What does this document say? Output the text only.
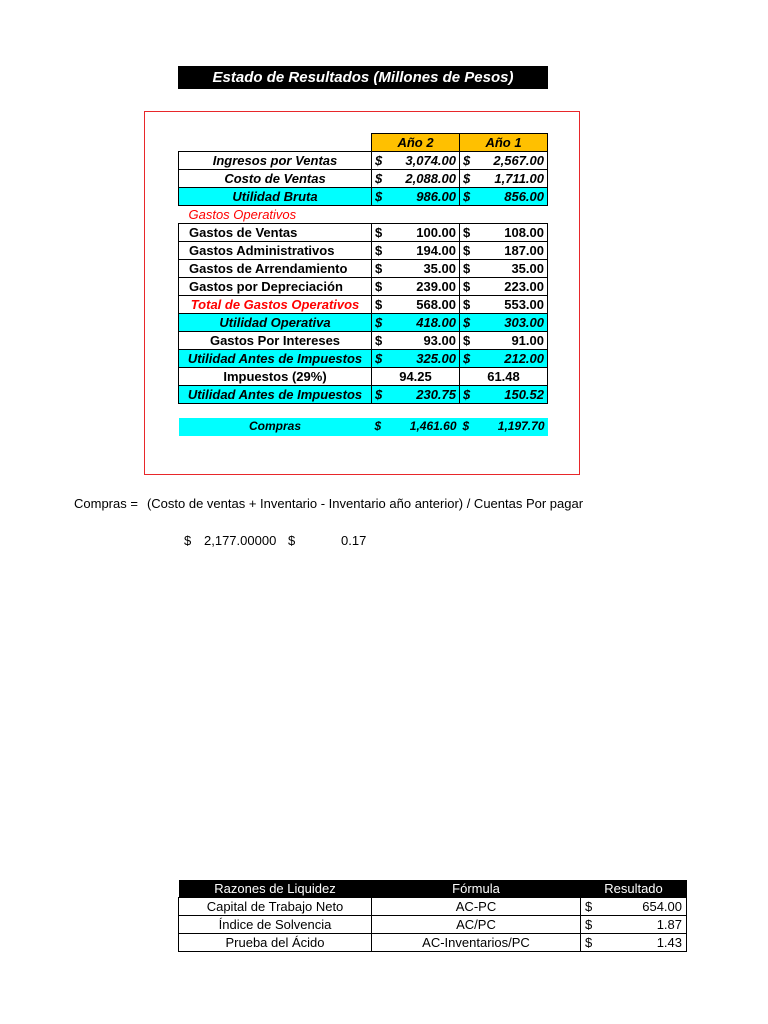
Estado de Resultados (Millones de Pesos)
	Año 2	Año 1
Ingresos por Ventas	$ 3,074.00	$ 2,567.00

Costo de Ventas	$ 2,088.00	$ 1,711.00

Utilidad Bruta	$ 986.00	$ 856.00

Gastos Operativos		
Gastos de Ventas	$ 100.00	$ 108.00

Gastos Administrativos	$ 194.00	$ 187.00

Gastos de Arrendamiento	$ 35.00	$ 35.00

Gastos por Depreciación	$ 239.00	$ 223.00

Total de Gastos Operativos	$ 568.00	$ 553.00

Utilidad Operativa	$ 418.00	$ 303.00

Gastos Por Intereses	$ 93.00	$ 91.00

Utilidad Antes de Impuestos	$ 325.00	$ 212.00

Impuestos (29%)	94.25	61.48
Utilidad Antes de Impuestos	$ 230.75	$ 150.52

Compras	$ 1,461.60	$ 1,197.70
Compras = (Costo de ventas + Inventario - Inventario año anterior) / Cuentas Por pagar
$ 2,177.00000 $	0.17
Razones de Liquidez	Fórmula	Resultado
Capital de Trabajo Neto	AC-PC	$ 654.00

Índice de Solvencia	AC/PC	$ 1.87

Prueba del Ácido	AC-Inventarios/PC	$ 1.43
